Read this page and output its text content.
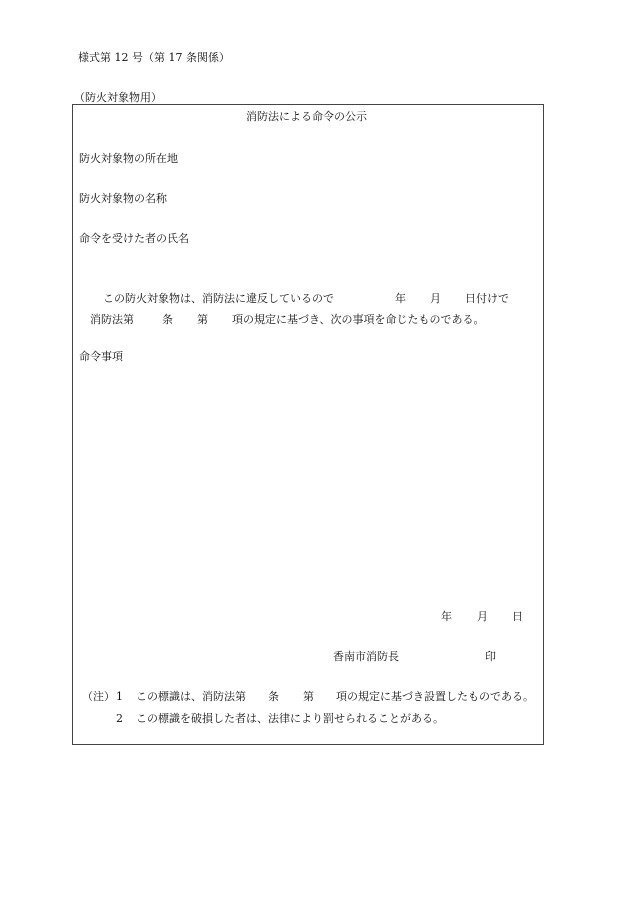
様式第 12 号（第 17 条関係）
（防火対象物用）
消防法による命令の公示
防火対象物の所在地
防火対象物の名称
命令を受けた者の氏名
この防火対象物は、消防法に違反しているので	年 月 日付けで
消防法第	条 第 項の規定に基づき、次の事項を命じたものである。
命令事項
年 月 日
香南市消防長	印
（注） 1 この標識は、消防法第 条 第 項の規定に基づき設置したものである。
2 この標識を破損した者は、法律により罰せられることがある。
